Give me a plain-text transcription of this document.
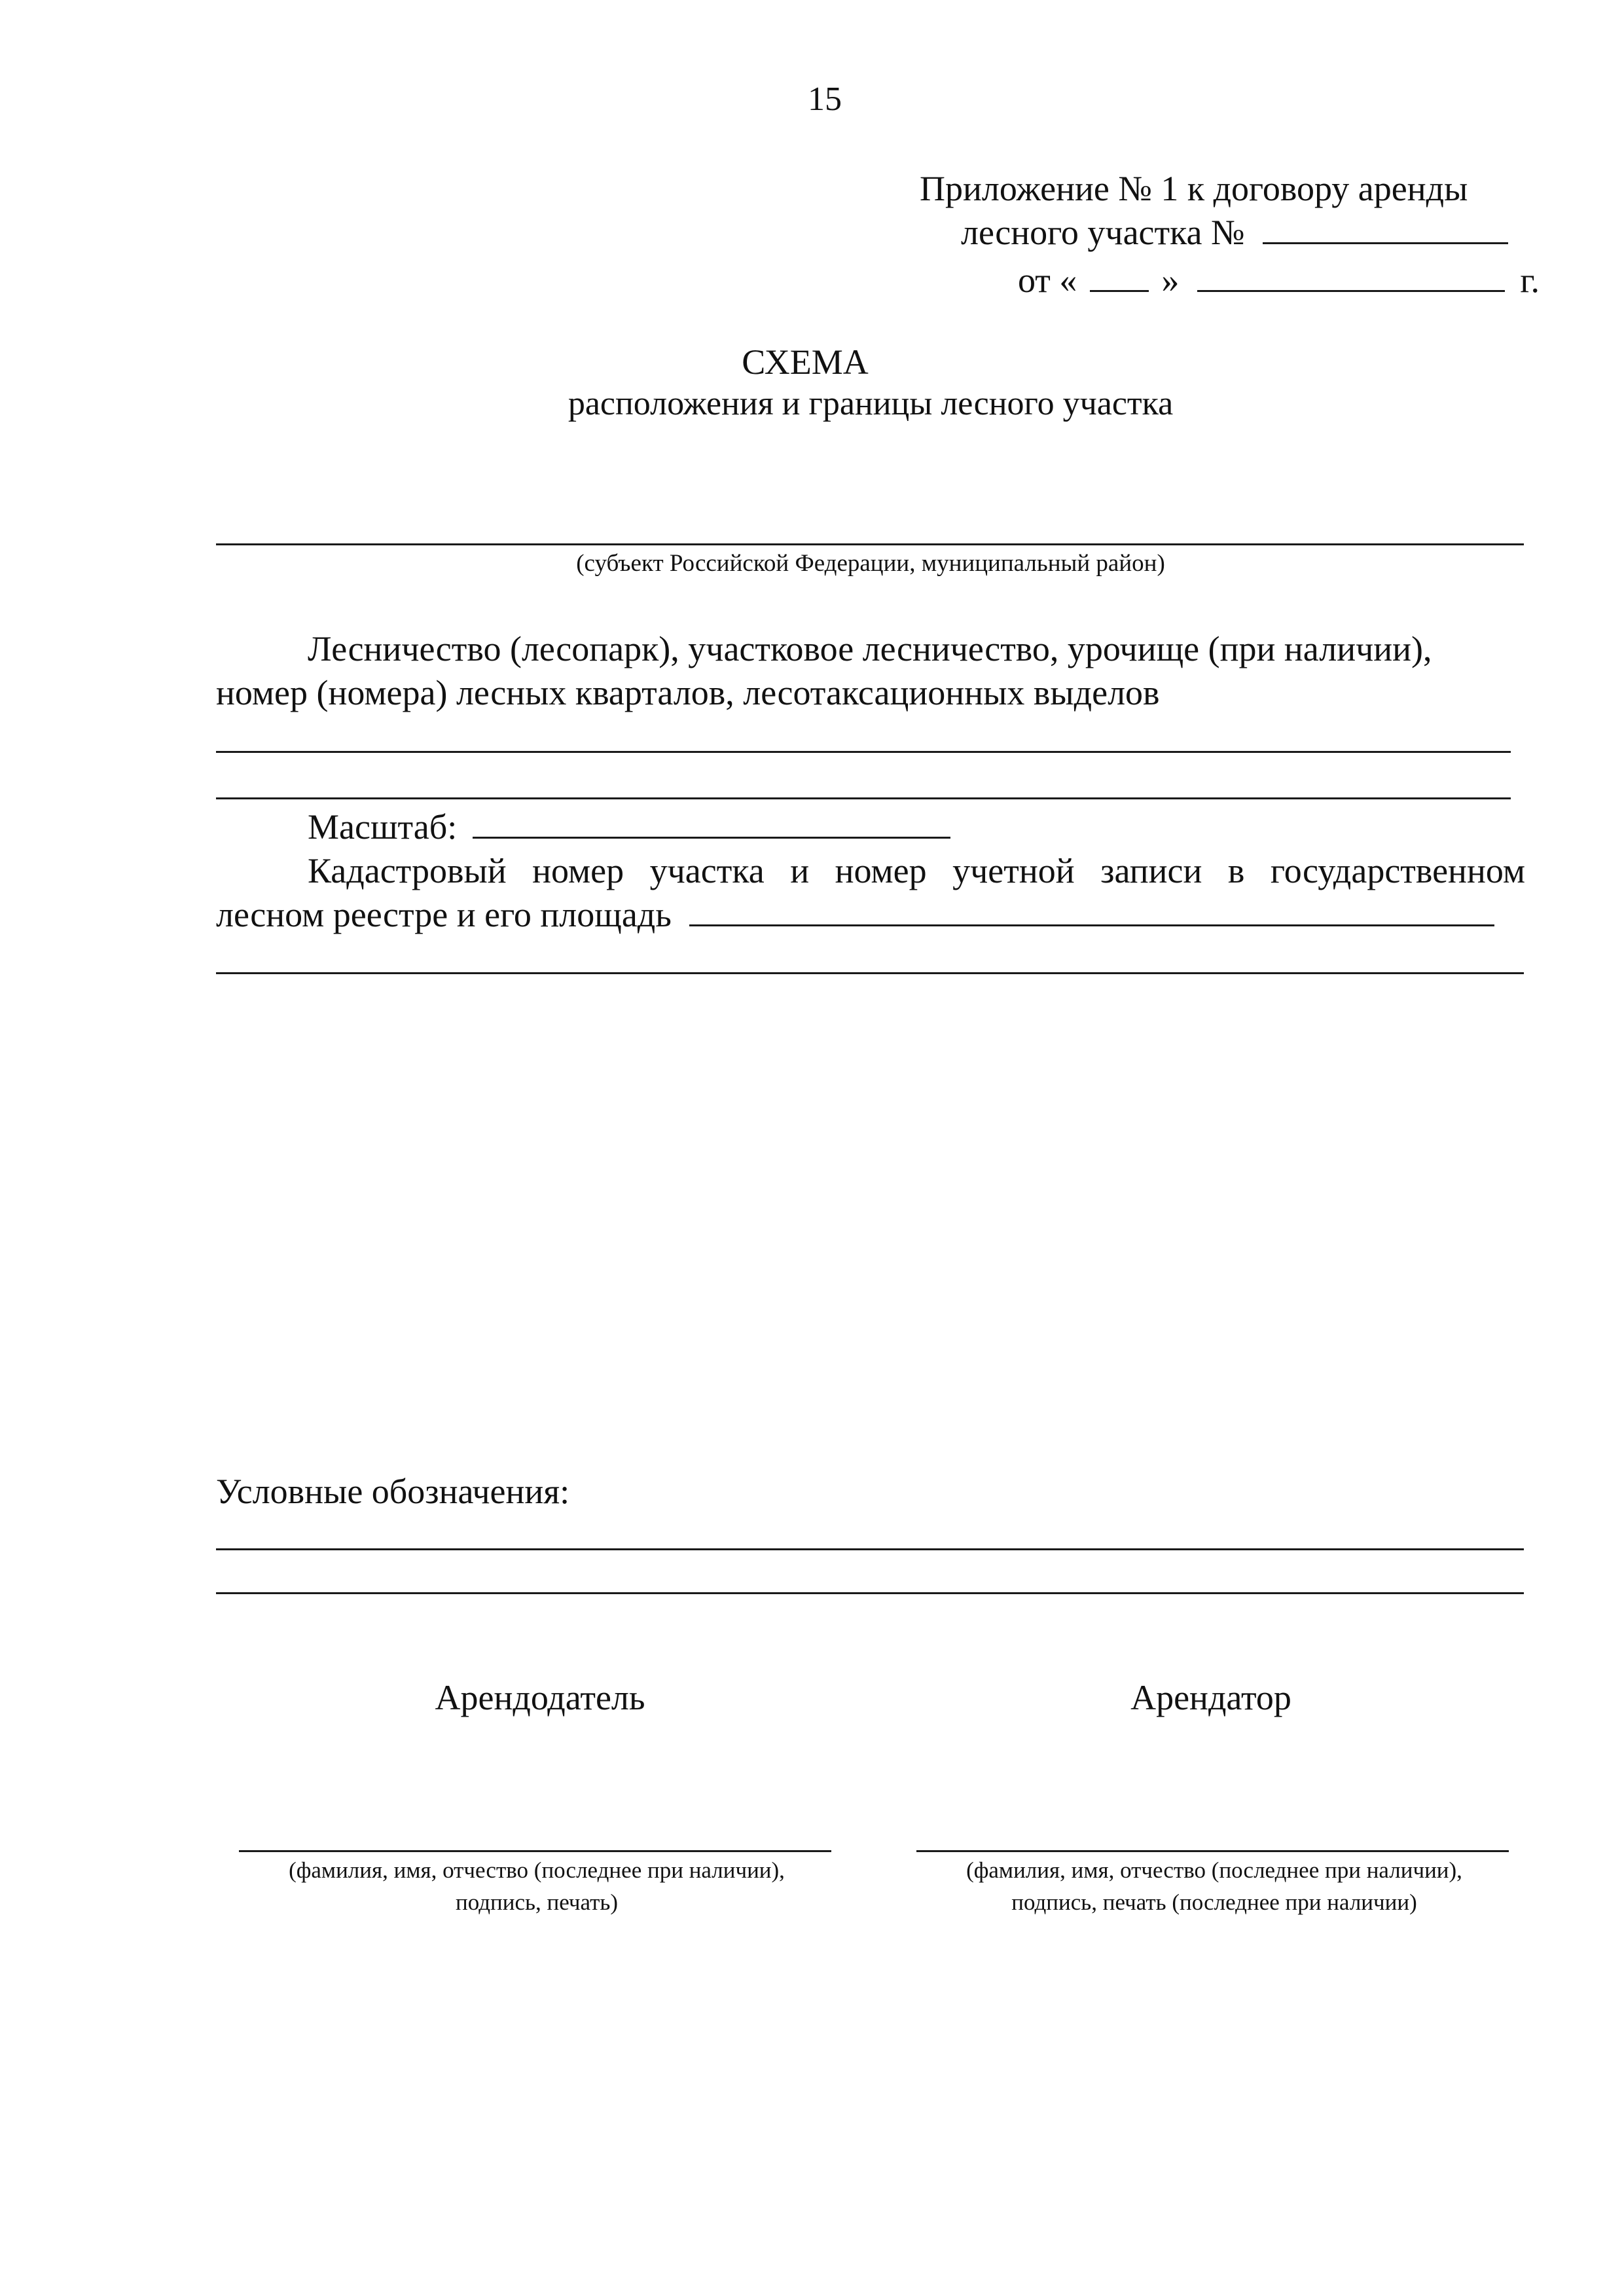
15
Приложение № 1 к договору аренды
лесного участка №
от « »	г.
СХЕМА
расположения и границы лесного участка
(субъект Российской Федерации, муниципальный район)
Лесничество (лесопарк), участковое лесничество, урочище (при наличии),
номер (номера) лесных кварталов, лесотаксационных выделов
Масштаб:
Кадастровый номер участка и номер учетной записи в государственном
лесном реестре и его площадь
Условные обозначения:
Арендодатель	Арендатор
(фамилия, имя, отчество (последнее при наличии),
подпись, печать)
(фамилия, имя, отчество (последнее при наличии),
подпись, печать (последнее при наличии)
